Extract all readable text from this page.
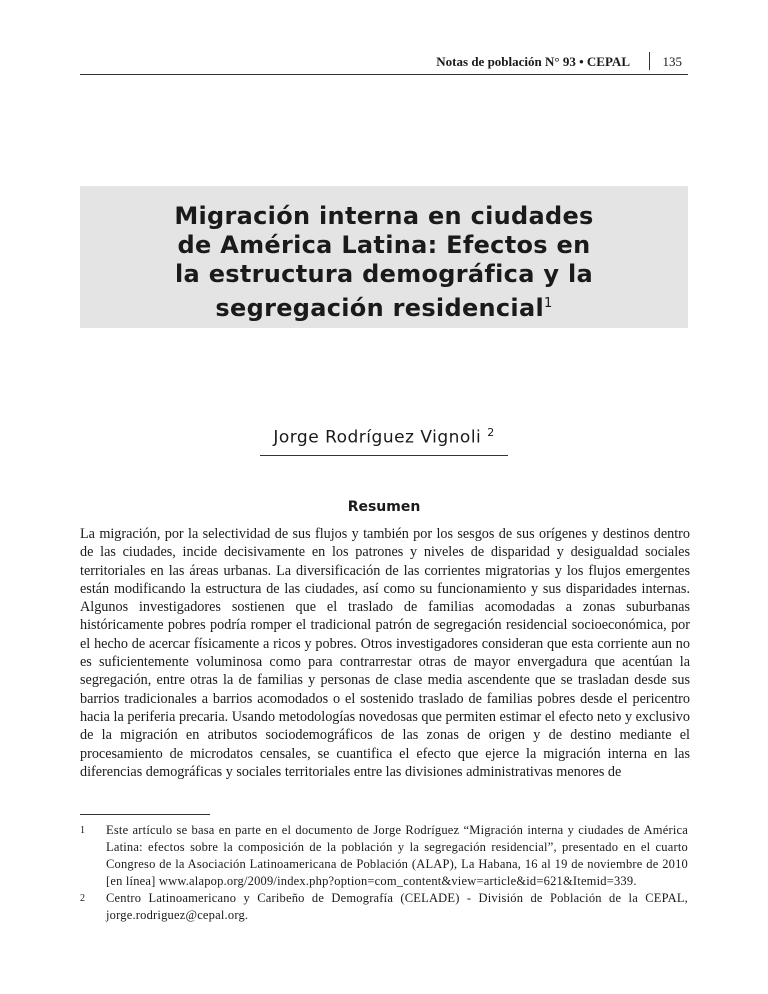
Notas de población N° 93 • CEPAL	135
Migración interna en ciudades
de América Latina: Efectos en
la estructura demográfica y la
segregación residencial$^1$
Jorge Rodríguez Vignoli $^2$
Resumen

La migración, por la selectividad de sus flujos y también por los sesgos de sus orígenes y destinos dentro de las ciudades, incide decisivamente en los patrones y niveles de disparidad y desigualdad sociales territoriales en las áreas urbanas. La diversificación de las corrientes migratorias y los flujos emergentes están modificando la estructura de las ciudades, así como su funcionamiento y sus disparidades internas. Algunos investigadores sostienen que el traslado de familias acomodadas a zonas suburbanas históricamente pobres podría romper el tradicional patrón de segregación residencial socioeconómica, por el hecho de acercar físicamente a ricos y pobres. Otros investigadores consideran que esta corriente aun no es suficientemente voluminosa como para contrarrestar otras de mayor envergadura que acentúan la segregación, entre otras la de familias y personas de clase media ascendente que se trasladan desde sus barrios tradicionales a barrios acomodados o el sostenido traslado de familias pobres desde el pericentro hacia la periferia precaria. Usando metodologías novedosas que permiten estimar el efecto neto y exclusivo de la migración en atributos sociodemográficos de las zonas de origen y de destino mediante el procesamiento de microdatos censales, se cuantifica el efecto que ejerce la migración interna en las diferencias demográficas y sociales territoriales entre las divisiones administrativas menores de

1 Este artículo se basa en parte en el documento de Jorge Rodríguez “Migración interna y ciudades de América Latina: efectos sobre la composición de la población y la segregación residencial”, presentado en el cuarto Congreso de la Asociación Latinoamericana de Población (ALAP), La Habana, 16 al 19 de noviembre de 2010 [en línea] www.alapop.org/2009/index.php?option=com_content&view=article&id=621&Itemid=339.
2 Centro Latinoamericano y Caribeño de Demografía (CELADE) - División de Población de la CEPAL, jorge.rodriguez@cepal.org.
